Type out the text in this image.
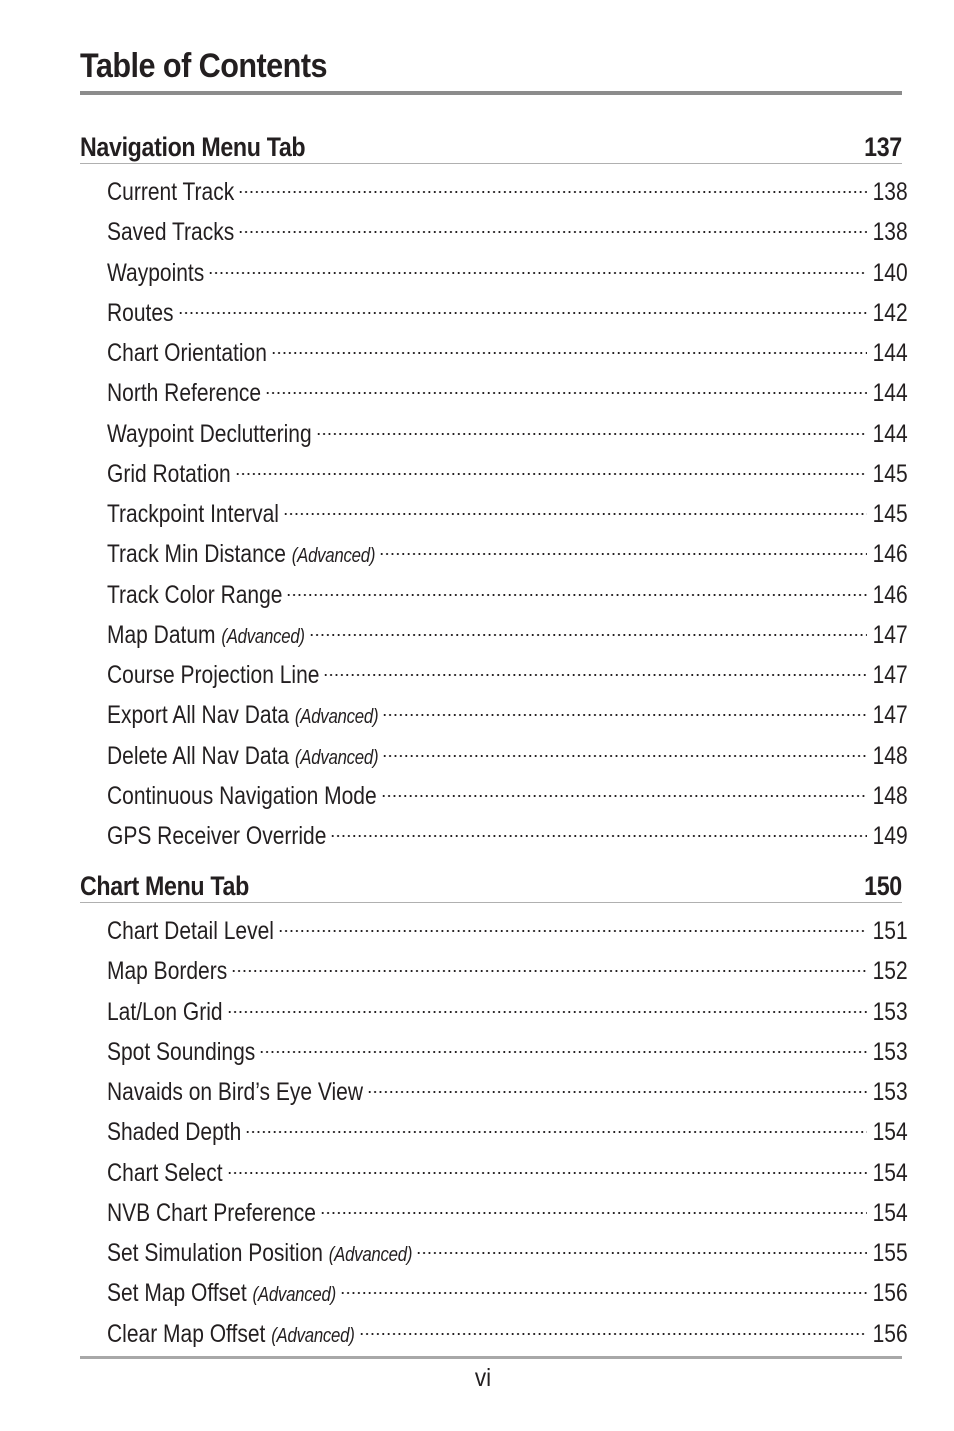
Table of Contents
Navigation Menu Tab	137
Current Track	138
Saved Tracks	138
Waypoints	140
Routes	142
Chart Orientation	144
North Reference	144
Waypoint Decluttering	144
Grid Rotation	145
Trackpoint Interval	145
Track Min Distance (Advanced)	146
Track Color Range	146
Map Datum (Advanced)	147
Course Projection Line	147
Export All Nav Data (Advanced)	147
Delete All Nav Data (Advanced)	148
Continuous Navigation Mode	148
GPS Receiver Override	149
Chart Menu Tab	150
Chart Detail Level	151
Map Borders	152
Lat/Lon Grid	153
Spot Soundings	153
Navaids on Bird’s Eye View	153
Shaded Depth	154
Chart Select	154
NVB Chart Preference	154
Set Simulation Position (Advanced)	155
Set Map Offset (Advanced)	156
Clear Map Offset (Advanced)	156
vi
